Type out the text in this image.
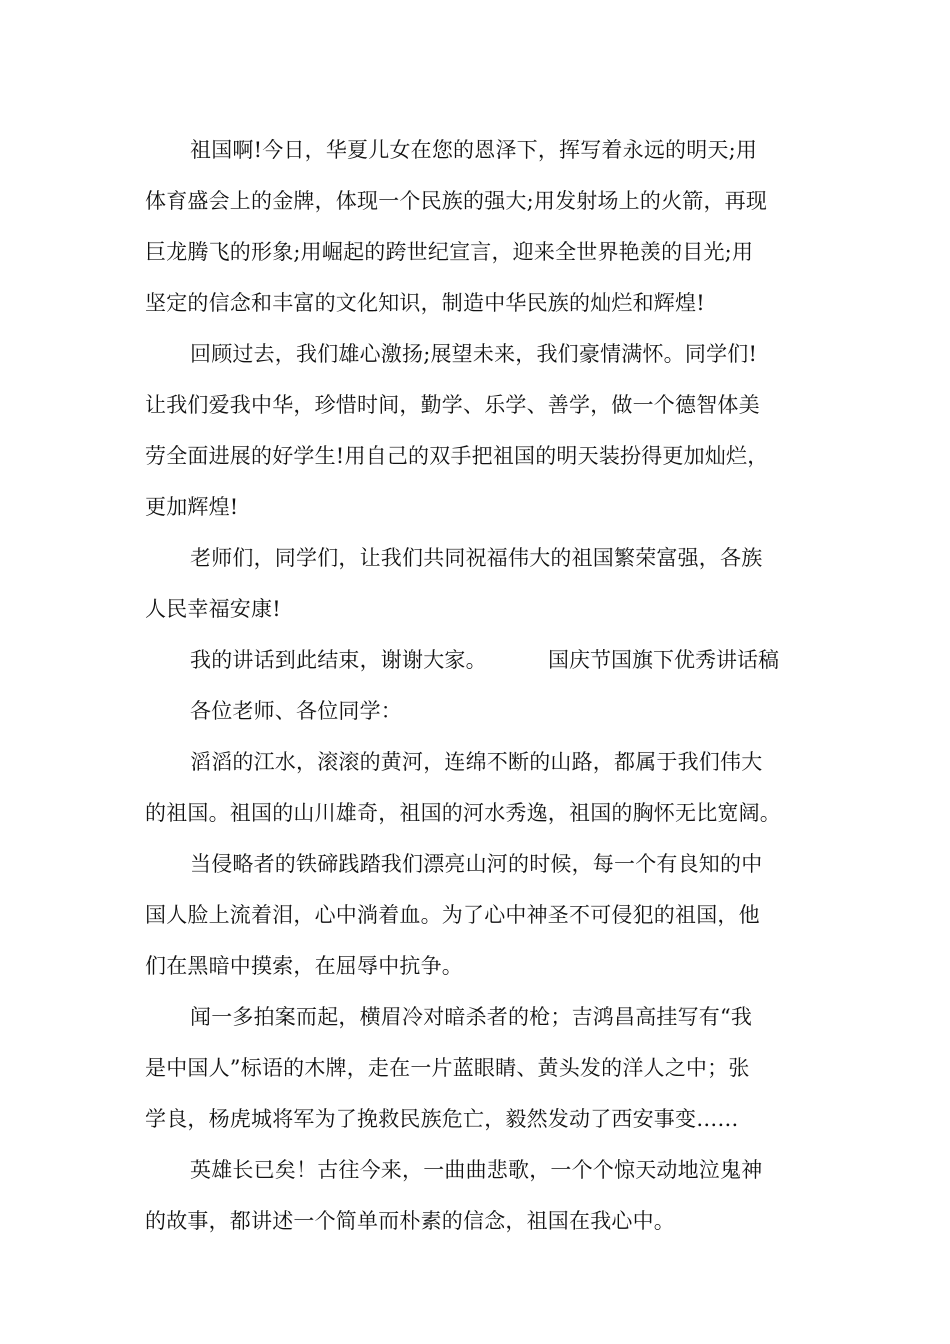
祖国啊!今日，华夏儿女在您的恩泽下，挥写着永远的明天;用
体育盛会上的金牌，体现一个民族的强大;用发射场上的火箭，再现
巨龙腾飞的形象;用崛起的跨世纪宣言，迎来全世界艳羡的目光;用
坚定的信念和丰富的文化知识，制造中华民族的灿烂和辉煌!
回顾过去，我们雄心激扬;展望未来，我们豪情满怀。同学们!
让我们爱我中华，珍惜时间，勤学、乐学、善学，做一个德智体美
劳全面进展的好学生!用自己的双手把祖国的明天装扮得更加灿烂，
更加辉煌!
老师们，同学们，让我们共同祝福伟大的祖国繁荣富强，各族
人民幸福安康!
我的讲话到此结束，谢谢大家。	国庆节国旗下优秀讲话稿
各位老师、各位同学：
滔滔的江水，滚滚的黄河，连绵不断的山路，都属于我们伟大
的祖国。祖国的山川雄奇，祖国的河水秀逸，祖国的胸怀无比宽阔。
当侵略者的铁碲践踏我们漂亮山河的时候，每一个有良知的中
国人脸上流着泪，心中淌着血。为了心中神圣不可侵犯的祖国，他
们在黑暗中摸索，在屈辱中抗争。
闻一多拍案而起，横眉冷对暗杀者的枪；吉鸿昌高挂写有“我
是中国人”标语的木牌，走在一片蓝眼睛、黄头发的洋人之中；张
学良，杨虎城将军为了挽救民族危亡，毅然发动了西安事变……
英雄长已矣！古往今来，一曲曲悲歌，一个个惊天动地泣鬼神
的故事，都讲述一个简单而朴素的信念，祖国在我心中。
